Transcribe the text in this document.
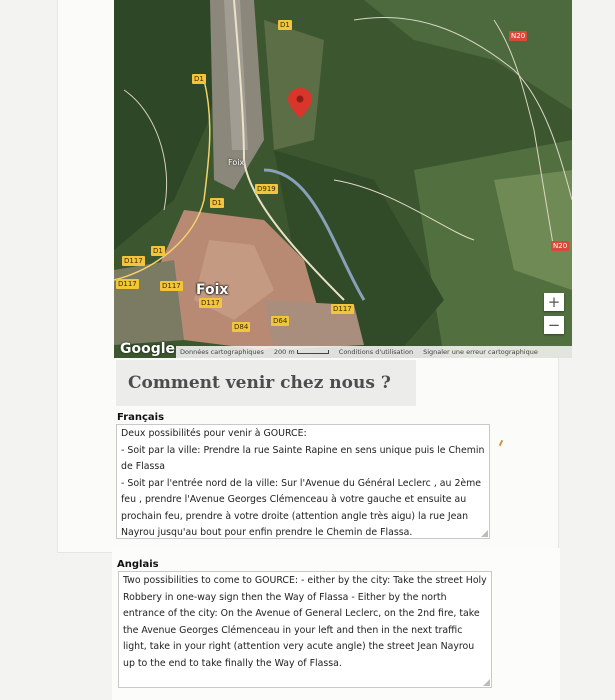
D1
D1
D1
D1
D117
D117	D117
D117
D117
D919
D84
D64
N20
N20
Foix
Foix
+
−
Google Données cartographiques 200 m	Conditions d'utilisation Signaler une erreur cartographique
Comment venir chez nous ?
Français

Deux possibilités pour venir à GOURCE:

- Soit par la ville: Prendre la rue Sainte Rapine en sens unique puis le Chemin de Flassa

- Soit par l'entrée nord de la ville: Sur l'Avenue du Général Leclerc , au 2ème feu , prendre l'Avenue Georges Clémenceau à votre gauche et ensuite au prochain feu, prendre à votre droite (attention angle très aigu) la rue Jean Nayrou jusqu'au bout pour enfin prendre le Chemin de Flassa.

Anglais

Two possibilities to come to GOURCE: - either by the city: Take the street Holy Robbery in one-way sign then the Way of Flassa - Either by the north entrance of the city: On the Avenue of General Leclerc, on the 2nd fire, take the Avenue Georges Clémenceau in your left and then in the next traffic light, take in your right (attention very acute angle) the street Jean Nayrou up to the end to take finally the Way of Flassa.
